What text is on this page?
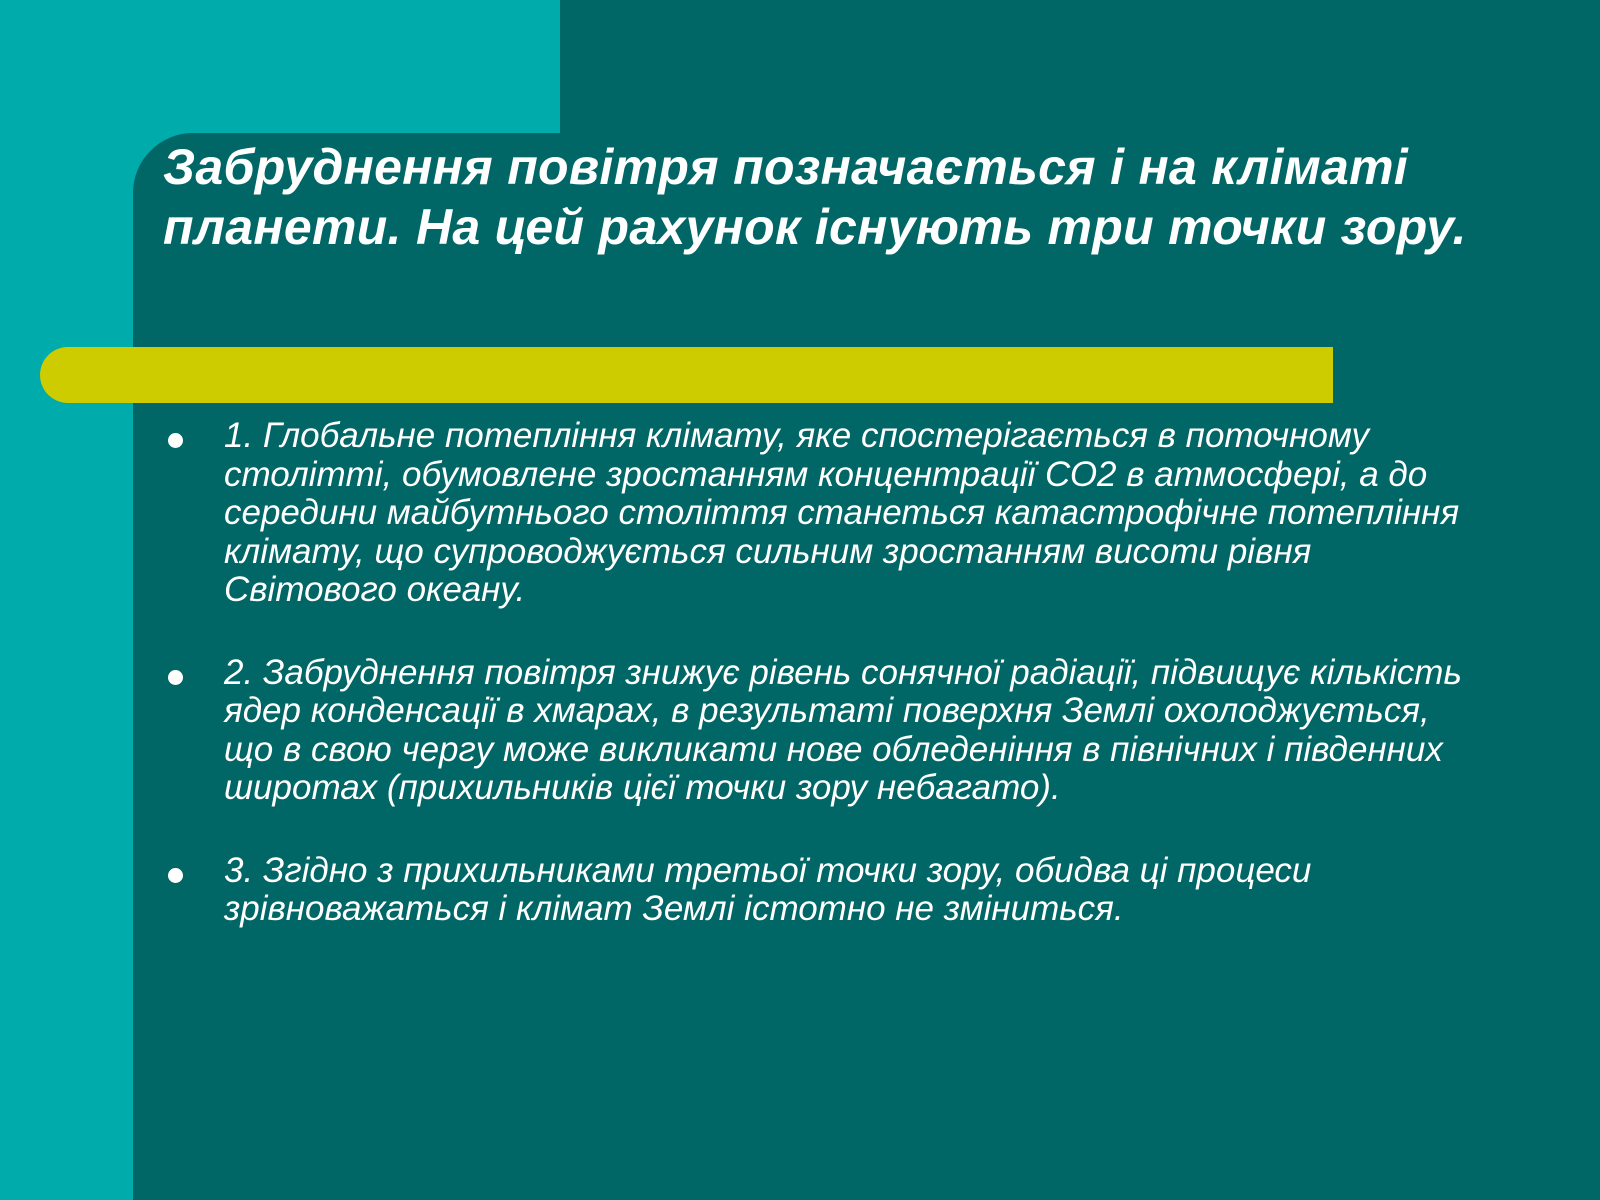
Забруднення повітря позначається і на кліматі планети. На цей рахунок існують три точки зору.
1. Глобальне потепління клімату, яке спостерігається в поточному столітті, обумовлене зростанням концентрації СО2 в атмосфері, а до середини майбутнього століття станеться катастрофічне потепління клімату, що супроводжується сильним зростанням висоти рівня Світового океану.
2. Забруднення повітря знижує рівень сонячної радіації, підвищує кількість ядер конденсації в хмарах, в результаті поверхня Землі охолоджується, що в свою чергу може викликати нове обледеніння в північних і південних широтах (прихильників цієї точки зору небагато).
3. Згідно з прихильниками третьої точки зору, обидва ці процеси зрівноважаться і клімат Землі істотно не зміниться.
